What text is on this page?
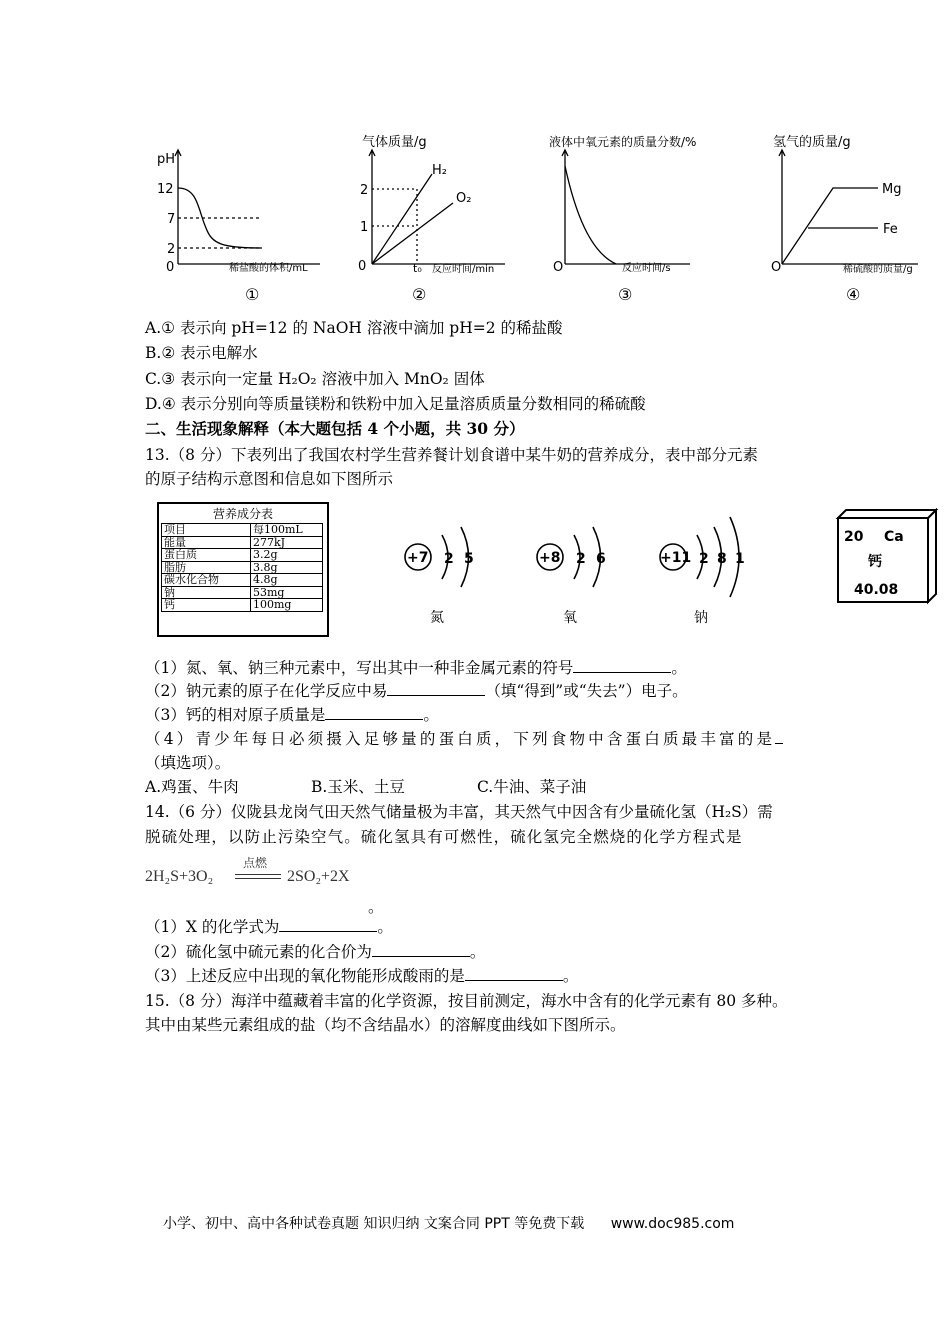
pH
12
7
2
0	稀盐酸的体积/mL
①
气体质量/g
2
1
0	t₀ 反应时间/min
H₂
O₂
②
液体中氧元素的质量分数/%
O	反应时间/s
③
氢气的质量/g
O	稀硫酸的质量/g
Mg
Fe
④
A.① 表示向 pH=12 的 NaOH 溶液中滴加 pH=2 的稀盐酸
B.② 表示电解水
C.③ 表示向一定量 H₂O₂ 溶液中加入 MnO₂ 固体
D.④ 表示分别向等质量镁粉和铁粉中加入足量溶质质量分数相同的稀硫酸
二、生活现象解释（本大题包括 4 个小题，共 30 分）
13.（8 分）下表列出了我国农村学生营养餐计划食谱中某牛奶的营养成分，表中部分元素
的原子结构示意图和信息如下图所示
营养成分表
项目	每100mL
能量	277kJ
蛋白质	3.2g
脂肪	3.8g
碳水化合物	4.8g
钠	53mg
钙	100mg
+7 2 5
氮
+8 2 6
氧
+11 2 8 1
钠
20 Ca
钙
40.08
（1）氮、氧、钠三种元素中，写出其中一种非金属元素的符号	。
（2）钠元素的原子在化学反应中易	（填“得到”或“失去”）电子。
（3）钙的相对原子质量是	。
（4）青少年每日必须摄入足够量的蛋白质，下列食物中含蛋白质最丰富的是
（填选项）。
A.鸡蛋、牛肉	B.玉米、土豆	C.牛油、菜子油
14.（6 分）仪陇县龙岗气田天然气储量极为丰富，其天然气中因含有少量硫化氢（H₂S）需
脱硫处理，以防止污染空气。硫化氢具有可燃性，硫化氢完全燃烧的化学方程式是
2H₂S+3O₂
点燃
2SO₂+2X
。
（1）X 的化学式为	。
（2）硫化氢中硫元素的化合价为	。
（3）上述反应中出现的氧化物能形成酸雨的是	。
15.（8 分）海洋中蕴藏着丰富的化学资源，按目前测定，海水中含有的化学元素有 80 多种。
其中由某些元素组成的盐（均不含结晶水）的溶解度曲线如下图所示。
小学、初中、高中各种试卷真题 知识归纳 文案合同 PPT 等免费下载 www.doc985.com
